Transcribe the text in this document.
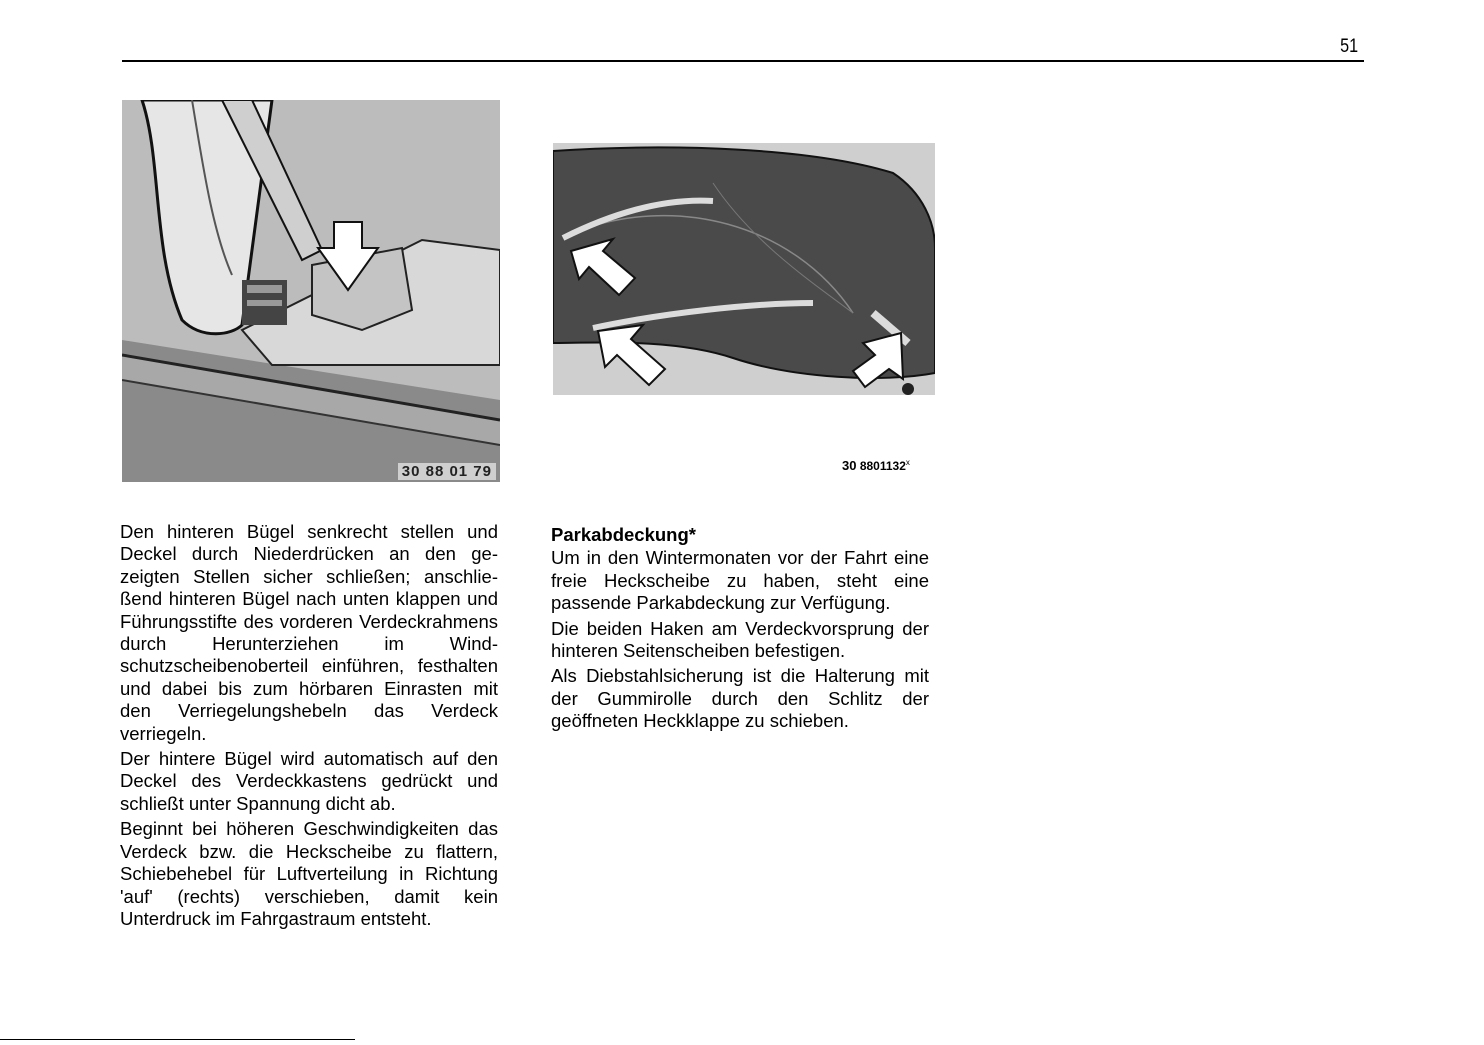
51
30 88 01 79	30 8801132$^x$

Den hinteren Bügel senkrecht stellen und Deckel durch Niederdrücken an den gezeigten Stellen sicher schließen; anschließend hinteren Bügel nach unten klappen und Führungsstifte des vorderen Verdeckrahmens durch Herunterziehen im Windschutzscheibenoberteil einführen, festhalten und dabei bis zum hörbaren Einrasten mit den Verriegelungshebeln das Verdeck verriegeln.

Der hintere Bügel wird automatisch auf den Deckel des Verdeckkastens gedrückt und schließt unter Spannung dicht ab.

Beginnt bei höheren Geschwindigkeiten das Verdeck bzw. die Heckscheibe zu flattern, Schiebehebel für Luftverteilung in Richtung 'auf' (rechts) verschieben, damit kein Unterdruck im Fahrgastraum entsteht.

Parkabdeckung*

Um in den Wintermonaten vor der Fahrt eine freie Heckscheibe zu haben, steht eine passende Parkabdeckung zur Verfügung.

Die beiden Haken am Verdeckvorsprung der hinteren Seitenscheiben befestigen.

Als Diebstahlsicherung ist die Halterung mit der Gummirolle durch den Schlitz der geöffneten Heckklappe zu schieben.
